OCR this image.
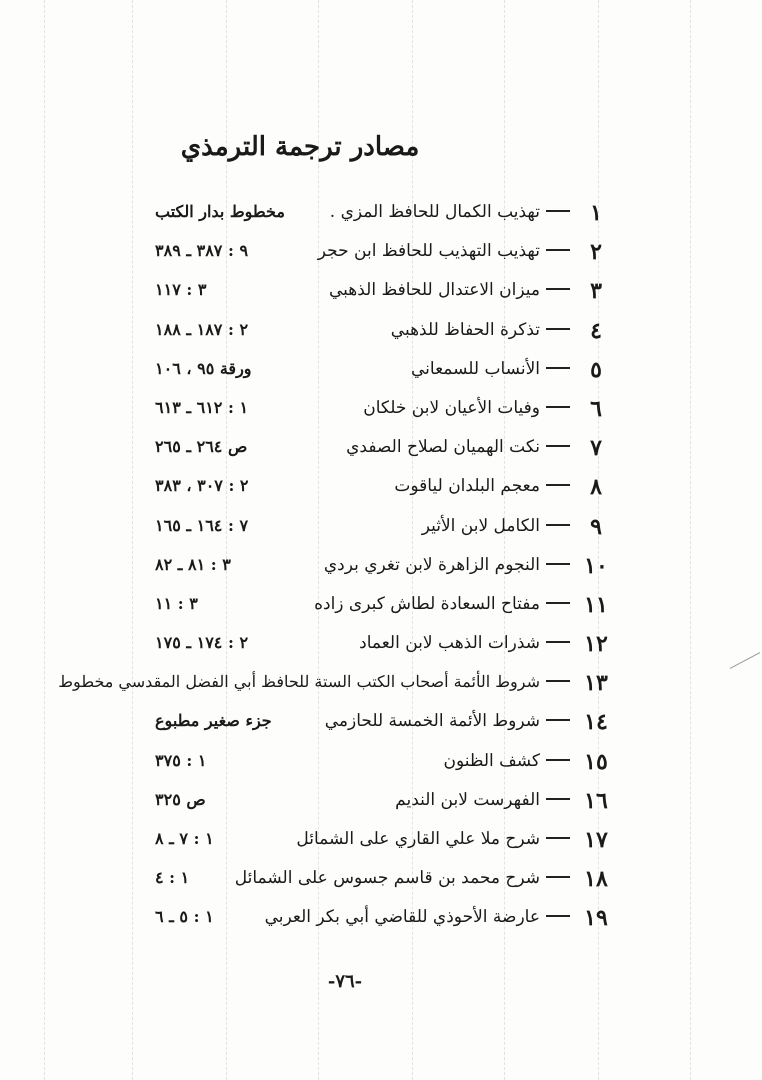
مصادر ترجمة الترمذي
١
تهذيب الكمال للحافظ المزي .
مخطوط بدار الكتب
٢
تهذيب التهذيب للحافظ ابن حجر
٩ : ٣٨٧ ـ ٣٨٩
٣
ميزان الاعتدال للحافظ الذهبي
٣ : ١١٧
٤
تذكرة الحفاظ للذهبي
٢ : ١٨٧ ـ ١٨٨
٥
الأنساب للسمعاني
ورقة ٩٥ ، ١٠٦
٦
وفيات الأعيان لابن خلكان
١ : ٦١٢ ـ ٦١٣
٧
نكت الهميان لصلاح الصفدي
ص ٢٦٤ ـ ٢٦٥
٨
معجم البلدان لياقوت
٢ : ٣٠٧ ، ٣٨٣
٩
الكامل لابن الأثير
٧ : ١٦٤ ـ ١٦٥
١٠
النجوم الزاهرة لابن تغري بردي
٣ : ٨١ ـ ٨٢
١١
مفتاح السعادة لطاش كبرى زاده
٣ : ١١
١٢
شذرات الذهب لابن العماد
٢ : ١٧٤ ـ ١٧٥
١٣
شروط الأئمة أصحاب الكتب الستة للحافظ أبي الفضل المقدسي مخطوط
١٤
شروط الأئمة الخمسة للحازمي
جزء صغير مطبوع
١٥
كشف الظنون
١ : ٣٧٥
١٦
الفهرست لابن النديم
ص ٣٢٥
١٧
شرح ملا علي القاري على الشمائل
١ : ٧ ـ ٨
١٨
شرح محمد بن قاسم جسوس على الشمائل
١ : ٤
١٩
عارضة الأحوذي للقاضي أبي بكر العربي
١ : ٥ ـ ٦
-٧٦-
